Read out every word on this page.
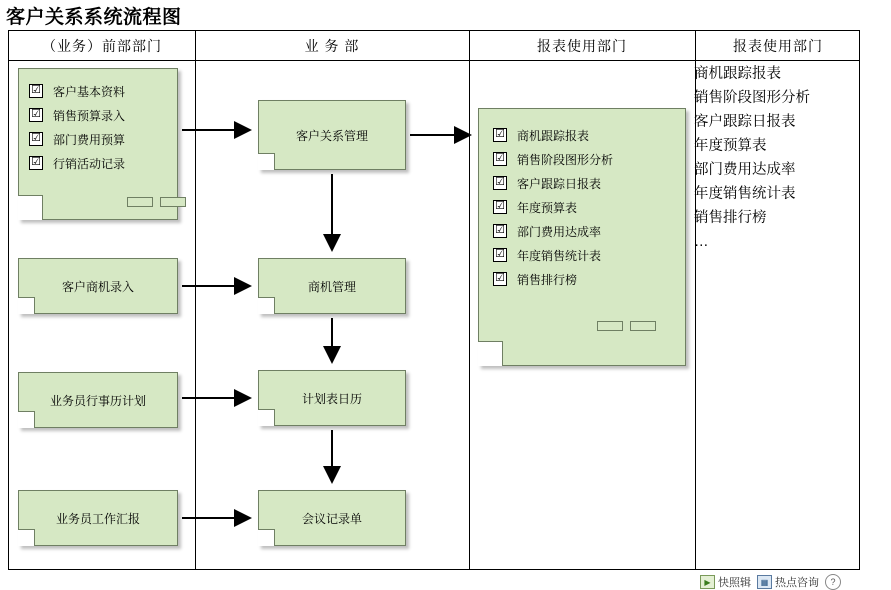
客户关系系统流程图
（业务）前部部门	业 务 部	报表使用部门	报表使用部门
☑ 客户基本资料
☑ 销售预算录入
☑ 部门费用预算
☑ 行销活动记录
客户商机录入
业务员行事历计划
业务员工作汇报
客户关系管理
商机管理
计划表日历
会议记录单
☑ 商机跟踪报表
☑ 销售阶段图形分析
☑ 客户跟踪日报表
☑ 年度预算表
☑ 部门费用达成率
☑ 年度销售统计表
☑ 销售排行榜
商机跟踪报表
销售阶段图形分析
客户跟踪日报表
年度预算表
部门费用达成率
年度销售统计表
销售排行榜
…
▶ 快照辑	▦ 热点咨询	?
